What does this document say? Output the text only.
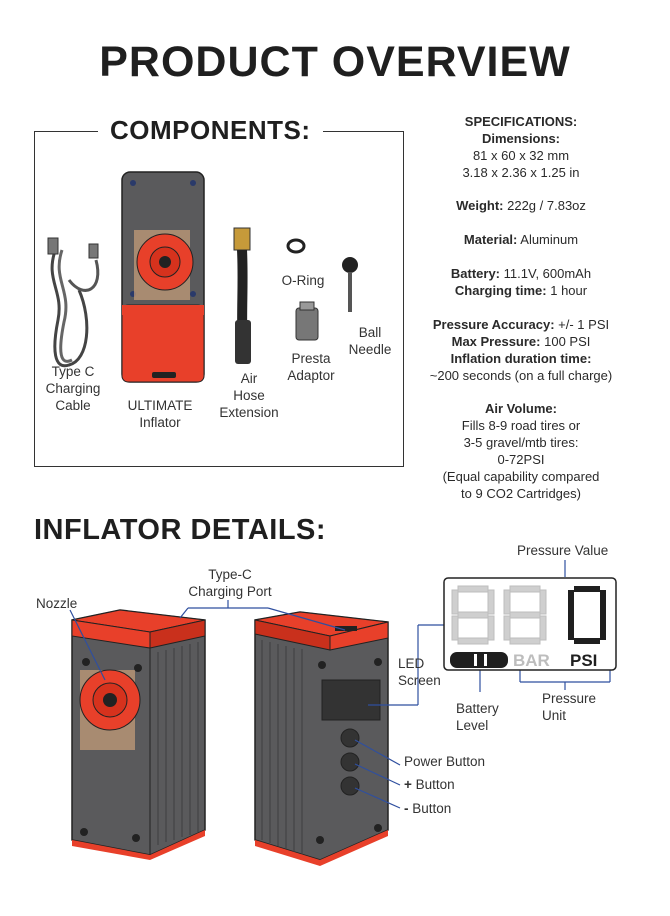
PRODUCT OVERVIEW
COMPONENTS:
Type C
Charging
Cable	ULTIMATE
Inflator
Air
Hose
Extension
O-Ring
Presta
Adaptor
Ball
Needle
SPECIFICATIONS:
Dimensions:
81 x 60 x 32 mm
3.18 x 2.36 x 1.25 in
Weight: 222g / 7.83oz
Material: Aluminum
Battery: 11.1V, 600mAh
Charging time: 1 hour
Pressure Accuracy: +/- 1 PSI
Max Pressure: 100 PSI
Inflation duration time:
~200 seconds (on a full charge)
Air Volume:
Fills 8-9 road tires or
3-5 gravel/mtb tires:
0-72PSI
(Equal capability compared
to 9 CO2 Cartridges)
INFLATOR DETAILS:
BAR PSI
Nozzle
Type-C
Charging Port
Pressure Value
LED
Screen
Battery
Level
Pressure
Unit
Power Button
+ Button
- Button
